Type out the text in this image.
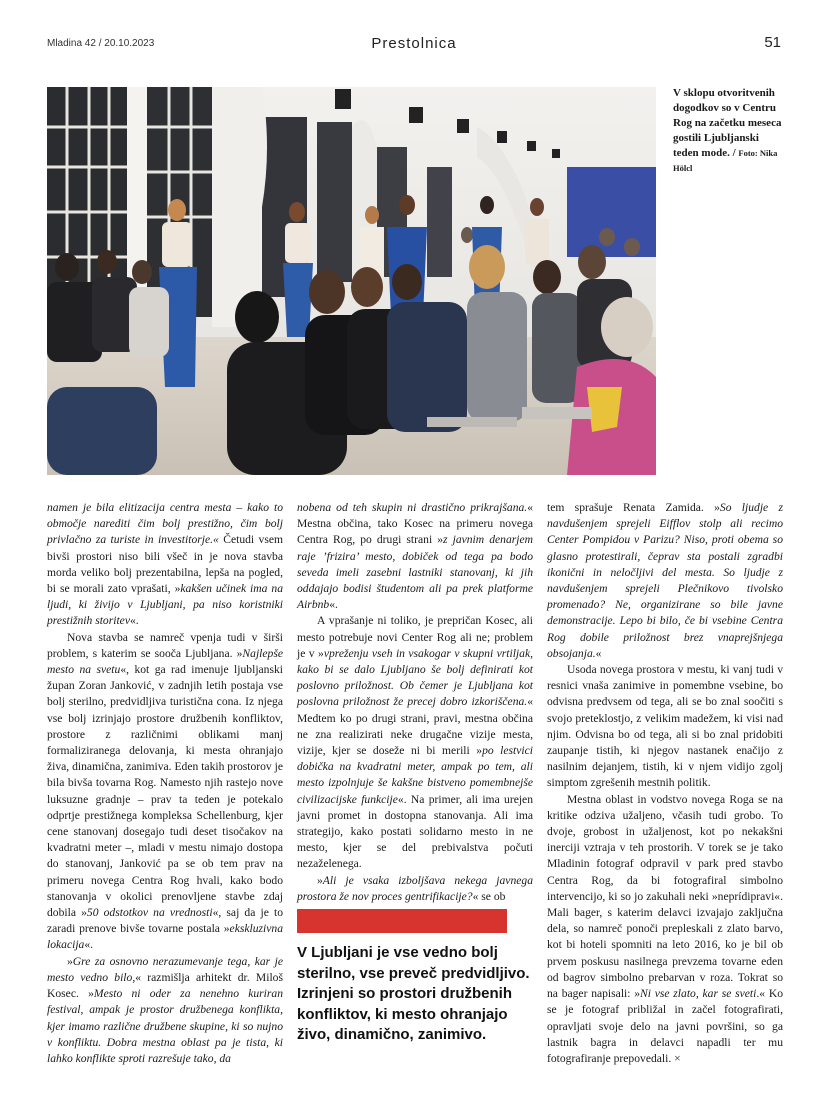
Mladina 42 / 20.10.2023	Prestolnica	51
V sklopu otvoritvenih dogodkov so v Centru Rog na začetku meseca gostili Ljubljanski teden mode. / Foto: Nika Hölcl

namen je bila elitizacija centra mesta – kako to območje narediti čim bolj prestižno, čim bolj privlačno za turiste in investitorje.« Četudi vsem bivši prostori niso bili všeč in je nova stavba morda veliko bolj prezentabilna, lepša na pogled, bi se morali zato vprašati, »kakšen učinek ima na ljudi, ki živijo v Ljubljani, pa niso koristniki prestižnih storitev«.

Nova stavba se namreč vpenja tudi v širši problem, s katerim se sooča Ljubljana. »Najlepše mesto na svetu«, kot ga rad imenuje ljubljanski župan Zoran Janković, v zadnjih letih postaja vse bolj sterilno, predvidljiva turistična cona. Iz njega vse bolj izrinjajo prostore družbenih konfliktov, prostore z različnimi oblikami manj formaliziranega delovanja, ki mesta ohranjajo živa, dinamična, zanimiva. Eden takih prostorov je bila bivša tovarna Rog. Namesto njih rastejo nove luksuzne gradnje – prav ta teden je potekalo odprtje prestižnega kompleksa Schellenburg, kjer cene stanovanj dosegajo tudi deset tisočakov na kvadratni meter –, mladi v mestu nimajo dostopa do stanovanj, Janković pa se ob tem prav na primeru novega Centra Rog hvali, kako bodo stanovanja v okolici prenovljene stavbe zdaj dobila »50 odstotkov na vrednosti«, saj da je to zaradi prenove bivše tovarne postala »ekskluzivna lokacija«.

»Gre za osnovno nerazumevanje tega, kar je mesto vedno bilo,« razmišlja arhitekt dr. Miloš Kosec. »Mesto ni oder za nenehno kuriran festival, ampak je prostor družbenega konflikta, kjer imamo različne družbene skupine, ki so nujno v konfliktu. Dobra mestna oblast pa je tista, ki lahko konflikte sproti razrešuje tako, da

nobena od teh skupin ni drastično prikrajšana.« Mestna občina, tako Kosec na primeru novega Centra Rog, po drugi strani »z javnim denarjem raje ’frizira’ mesto, dobiček od tega pa bodo seveda imeli zasebni lastniki stanovanj, ki jih oddajajo bodisi študentom ali pa prek platforme Airbnb«.

A vprašanje ni toliko, je prepričan Kosec, ali mesto potrebuje novi Center Rog ali ne; problem je v »vpreženju vseh in vsakogar v skupni vrtiljak, kako bi se dalo Ljubljano še bolj definirati kot poslovno priložnost. Ob čemer je Ljubljana kot poslovna priložnost že precej dobro izkoriščena.« Medtem ko po drugi strani, pravi, mestna občina ne zna realizirati neke drugačne vizije mesta, vizije, kjer se doseže ni bi merili »po lestvici dobička na kvadratni meter, ampak po tem, ali mesto izpolnjuje še kakšne bistveno pomembnejše civilizacijske funkcije«. Na primer, ali ima urejen javni promet in dostopna stanovanja. Ali ima strategijo, kako postati solidarno mesto in ne mesto, kjer se del prebivalstva počuti nezaželenega.

»Ali je vsaka izboljšava nekega javnega prostora že nov proces gentrifikacije?« se ob

tem sprašuje Renata Zamida. »So ljudje z navdušenjem sprejeli Eifflov stolp ali recimo Center Pompidou v Parizu? Niso, proti obema so glasno protestirali, čeprav sta postali zgradbi ikonični in neločljivi del mesta. So ljudje z navdušenjem sprejeli Plečnikovo tivolsko promenado? Ne, organizirane so bile javne demonstracije. Lepo bi bilo, če bi vsebine Centra Rog dobile priložnost brez vnaprejšnjega obsojanja.«

Usoda novega prostora v mestu, ki vanj tudi v resnici vnaša zanimive in pomembne vsebine, bo odvisna predvsem od tega, ali se bo znal soočiti s svojo preteklostjo, z velikim madežem, ki visi nad njim. Odvisna bo od tega, ali si bo znal pridobiti zaupanje tistih, ki njegov nastanek enačijo z nasilnim dejanjem, tistih, ki v njem vidijo zgolj simptom zgrešenih mestnih politik.

Mestna oblast in vodstvo novega Roga se na kritike odziva užaljeno, včasih tudi grobo. To dvoje, grobost in užaljenost, kot po nekakšni inerciji vztraja v teh prostorih. V torek se je tako Mladinin fotograf odpravil v park pred stavbo Centra Rog, da bi fotografiral simbolno intervencijo, ki so jo zakuhali neki »neprídipravi«. Mali bager, s katerim delavci izvajajo zaključna dela, so namreč ponoči prepleskali z zlato barvo, kot bi hoteli spomniti na leto 2016, ko je bil ob prvem poskusu nasilnega prevzema tovarne eden od bagrov simbolno prebarvan v roza. Tokrat so na bager napisali: »Ni vse zlato, kar se sveti.« Ko se je fotograf približal in začel fotografirati, opravljati svoje delo na javni površini, so ga lastnik bagra in delavci napadli ter mu fotografiranje prepovedali. ×

V Ljubljani je vse vedno bolj sterilno, vse preveč predvidljivo. Izrinjeni so prostori družbenih konfliktov, ki mesto ohranjajo živo, dinamično, zanimivo.
